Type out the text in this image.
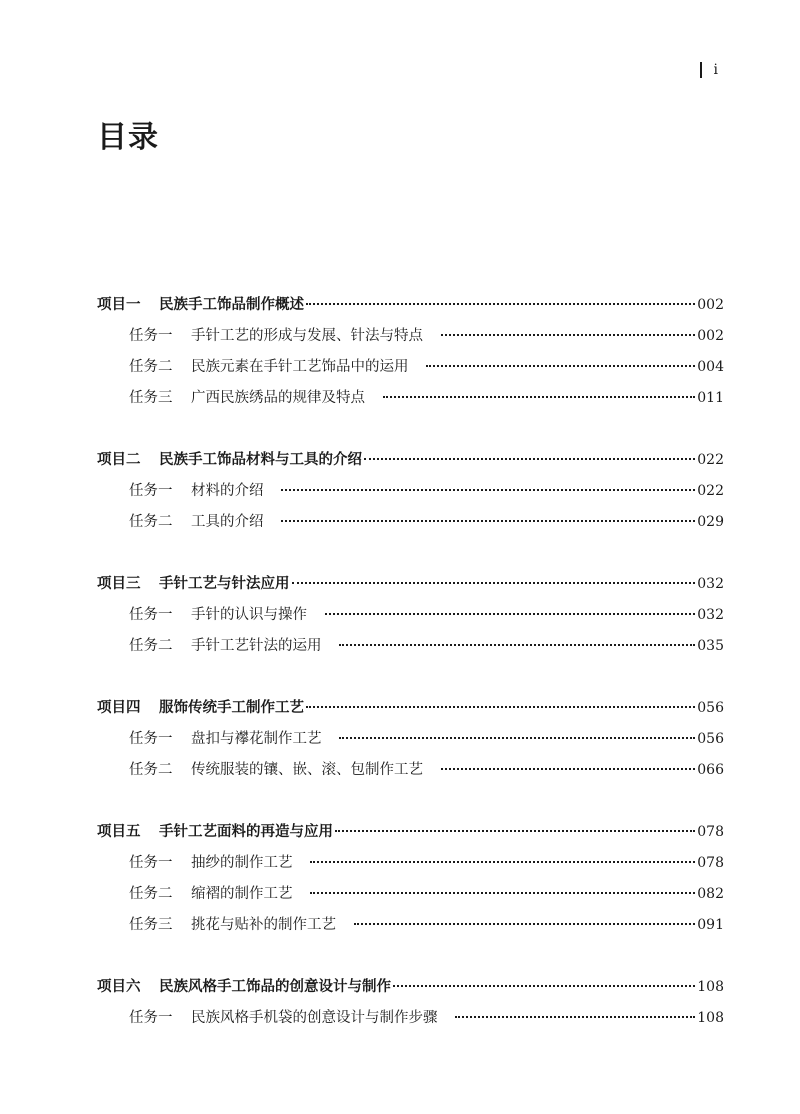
i
目录
项目一	民族手工饰品制作概述	002
任务一	手针工艺的形成与发展、针法与特点	002
任务二	民族元素在手针工艺饰品中的运用	004
任务三	广西民族绣品的规律及特点	011
项目二	民族手工饰品材料与工具的介绍	022
任务一	材料的介绍	022
任务二	工具的介绍	029
项目三	手针工艺与针法应用	032
任务一	手针的认识与操作	032
任务二	手针工艺针法的运用	035
项目四	服饰传统手工制作工艺	056
任务一	盘扣与襻花制作工艺	056
任务二	传统服装的镶、嵌、滚、包制作工艺	066
项目五	手针工艺面料的再造与应用	078
任务一	抽纱的制作工艺	078
任务二	缩褶的制作工艺	082
任务三	挑花与贴补的制作工艺	091
项目六	民族风格手工饰品的创意设计与制作	108
任务一	民族风格手机袋的创意设计与制作步骤	108
